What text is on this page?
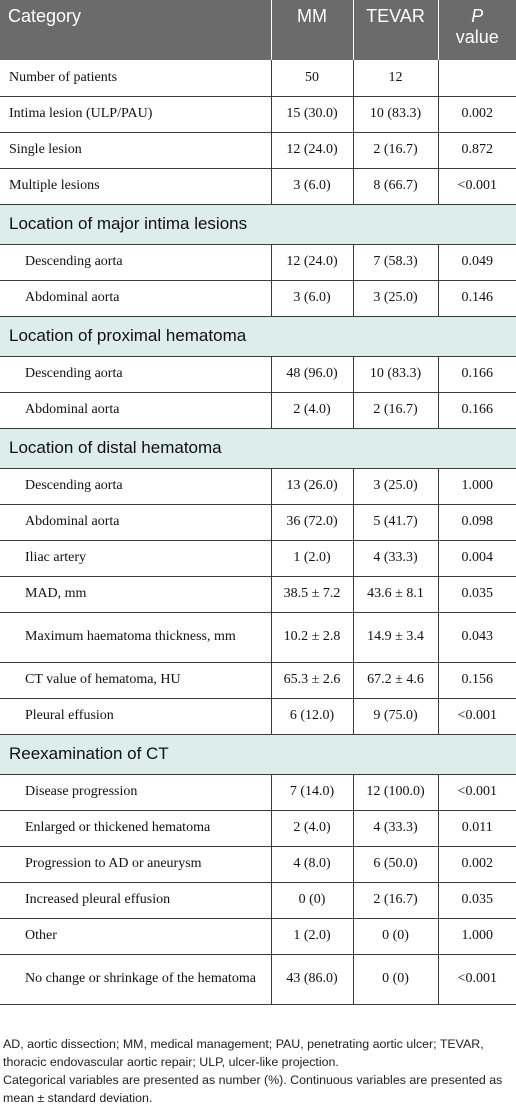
Category	MM	TEVAR	P
value
Number of patients	50	12	
Intima lesion (ULP/PAU)	15 (30.0)	10 (83.3)	0.002
Single lesion	12 (24.0)	2 (16.7)	0.872
Multiple lesions	3 (6.0)	8 (66.7)	<0.001
Location of major intima lesions			
Descending aorta	12 (24.0)	7 (58.3)	0.049
Abdominal aorta	3 (6.0)	3 (25.0)	0.146
Location of proximal hematoma			
Descending aorta	48 (96.0)	10 (83.3)	0.166
Abdominal aorta	2 (4.0)	2 (16.7)	0.166
Location of distal hematoma			
Descending aorta	13 (26.0)	3 (25.0)	1.000
Abdominal aorta	36 (72.0)	5 (41.7)	0.098
Iliac artery	1 (2.0)	4 (33.3)	0.004
MAD, mm	38.5 ± 7.2	43.6 ± 8.1	0.035
Maximum haematoma thickness, mm	10.2 ± 2.8	14.9 ± 3.4	0.043
CT value of hematoma, HU	65.3 ± 2.6	67.2 ± 4.6	0.156
Pleural effusion	6 (12.0)	9 (75.0)	<0.001
Reexamination of CT			
Disease progression	7 (14.0)	12 (100.0)	<0.001
Enlarged or thickened hematoma	2 (4.0)	4 (33.3)	0.011
Progression to AD or aneurysm	4 (8.0)	6 (50.0)	0.002
Increased pleural effusion	0 (0)	2 (16.7)	0.035
Other	1 (2.0)	0 (0)	1.000
No change or shrinkage of the hematoma	43 (86.0)	0 (0)	<0.001

AD, aortic dissection; MM, medical management; PAU, penetrating aortic ulcer; TEVAR, thoracic endovascular aortic repair; ULP, ulcer-like projection.

Categorical variables are presented as number (%). Continuous variables are presented as mean ± standard deviation.
